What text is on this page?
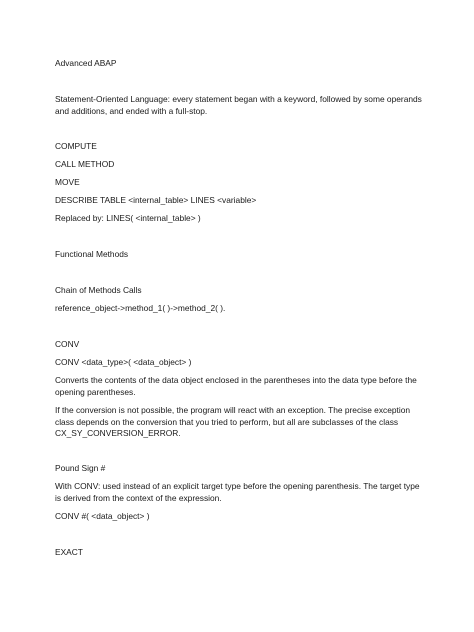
Advanced ABAP
Statement-Oriented Language: every statement began with a keyword, followed by some operands and additions, and ended with a full-stop.
COMPUTE
CALL METHOD
MOVE
DESCRIBE TABLE <internal_table> LINES <variable>
Replaced by: LINES( <internal_table> )
Functional Methods
Chain of Methods Calls
reference_object->method_1( )->method_2( ).
CONV
CONV <data_type>( <data_object> )
Converts the contents of the data object enclosed in the parentheses into the data type before the opening parentheses.
If the conversion is not possible, the program will react with an exception. The precise exception class depends on the conversion that you tried to perform, but all are subclasses of the class CX_SY_CONVERSION_ERROR.
Pound Sign #
With CONV: used instead of an explicit target type before the opening parenthesis. The target type is derived from the context of the expression.
CONV #( <data_object> )
EXACT
